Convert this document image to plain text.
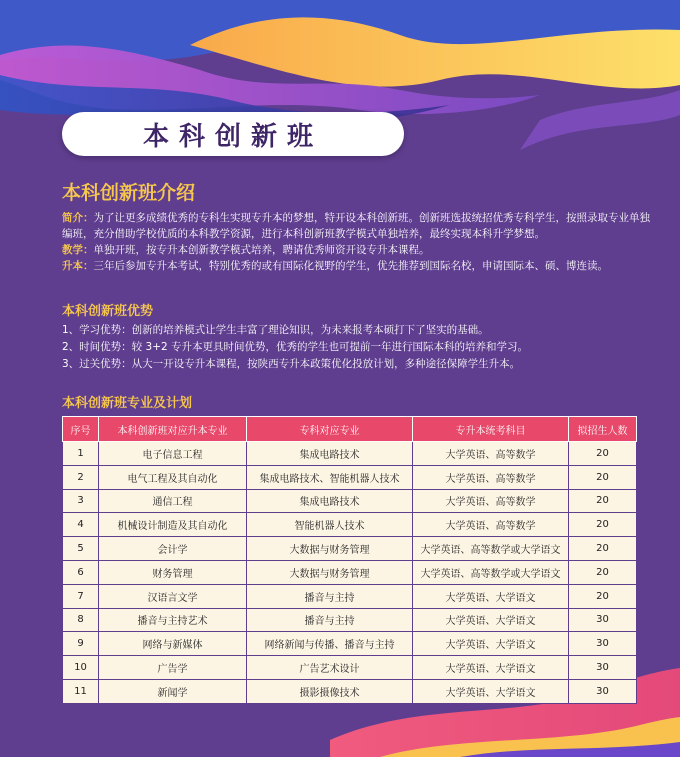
本科创新班
本科创新班介绍

简介：为了让更多成绩优秀的专科生实现专升本的梦想，特开设本科创新班。创新班选拔统招优秀专科学生，按照录取专业单独编班，充分借助学校优质的本科教学资源，进行本科创新班教学模式单独培养，最终实现本科升学梦想。

教学：单独开班，按专升本创新教学模式培养，聘请优秀师资开设专升本课程。

升本：三年后参加专升本考试，特别优秀的或有国际化视野的学生，优先推荐到国际名校，申请国际本、硕、博连读。

本科创新班优势

1、学习优势：创新的培养模式让学生丰富了理论知识，为未来报考本硕打下了坚实的基础。

2、时间优势：较 3+2 专升本更具时间优势，优秀的学生也可提前一年进行国际本科的培养和学习。

3、过关优势：从大一开设专升本课程，按陕西专升本政策优化投放计划，多种途径保障学生升本。

本科创新班专业及计划
序号	本科创新班对应升本专业	专科对应专业	专升本统考科目	拟招生人数
1	电子信息工程	集成电路技术	大学英语、高等数学	20
2	电气工程及其自动化	集成电路技术、智能机器人技术	大学英语、高等数学	20
3	通信工程	集成电路技术	大学英语、高等数学	20
4	机械设计制造及其自动化	智能机器人技术	大学英语、高等数学	20
5	会计学	大数据与财务管理	大学英语、高等数学或大学语文	20
6	财务管理	大数据与财务管理	大学英语、高等数学或大学语文	20
7	汉语言文学	播音与主持	大学英语、大学语文	20
8	播音与主持艺术	播音与主持	大学英语、大学语文	30
9	网络与新媒体	网络新闻与传播、播音与主持	大学英语、大学语文	30
10	广告学	广告艺术设计	大学英语、大学语文	30
11	新闻学	摄影摄像技术	大学英语、大学语文	30
